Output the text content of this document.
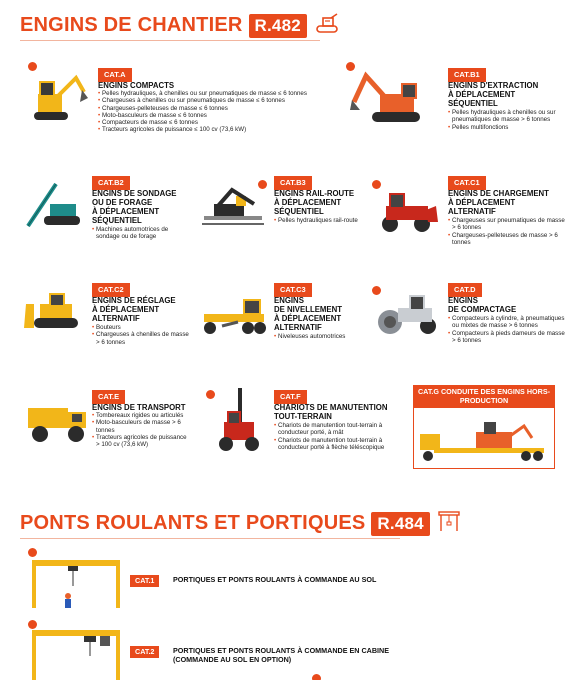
ENGINS DE CHANTIER R.482
CAT.A
ENGINS COMPACTS
• Pelles hydrauliques, à chenilles ou sur pneumatiques de masse ≤ 6 tonnes
• Chargeuses à chenilles ou sur pneumatiques de masse ≤ 6 tonnes
• Chargeuses-pelleteuses de masse ≤ 6 tonnes
• Moto-basculeurs de masse ≤ 6 tonnes
• Compacteurs de masse ≤ 6 tonnes
• Tracteurs agricoles de puissance ≤ 100 cv (73,6 kW)
CAT.B1
ENGINS D'EXTRACTION
À DÉPLACEMENT
SÉQUENTIEL
• Pelles hydrauliques à chenilles ou sur pneumatiques de masse > 6 tonnes
• Pelles multifonctions
CAT.B2
ENGINS DE SONDAGE
OU DE FORAGE
À DÉPLACEMENT
SÉQUENTIEL
• Machines automotrices de sondage ou de forage
CAT.B3
ENGINS RAIL-ROUTE
À DÉPLACEMENT
SÉQUENTIEL
• Pelles hydrauliques rail-route
CAT.C1
ENGINS DE CHARGEMENT
À DÉPLACEMENT
ALTERNATIF
• Chargeuses sur pneumatiques de masse > 6 tonnes
• Chargeuses-pelleteuses de masse > 6 tonnes
CAT.C2
ENGINS DE RÉGLAGE
À DÉPLACEMENT
ALTERNATIF
• Bouteurs
• Chargeuses à chenilles de masse > 6 tonnes
CAT.C3
ENGINS
DE NIVELLEMENT
À DÉPLACEMENT
ALTERNATIF
• Niveleuses automotrices
CAT.D
ENGINS
DE COMPACTAGE
• Compacteurs à cylindre, à pneumatiques ou mixtes de masse > 6 tonnes
• Compacteurs à pieds dameurs de masse > 6 tonnes
CAT.E
ENGINS DE TRANSPORT
• Tombereaux rigides ou articulés
• Moto-basculeurs de masse > 6 tonnes
• Tracteurs agricoles de puissance > 100 cv (73,6 kW)
CAT.F
CHARIOTS DE MANUTENTION
TOUT-TERRAIN
• Chariots de manutention tout-terrain à conducteur porté, à mât
• Chariots de manutention tout-terrain à conducteur porté à flèche téléscopique
CAT.G CONDUITE DES ENGINS HORS-PRODUCTION
PONTS ROULANTS ET PORTIQUES R.484
CAT.1	PORTIQUES ET PONTS ROULANTS À COMMANDE AU SOL
CAT.2	PORTIQUES ET PONTS ROULANTS À COMMANDE EN CABINE
(COMMANDE AU SOL EN OPTION)
